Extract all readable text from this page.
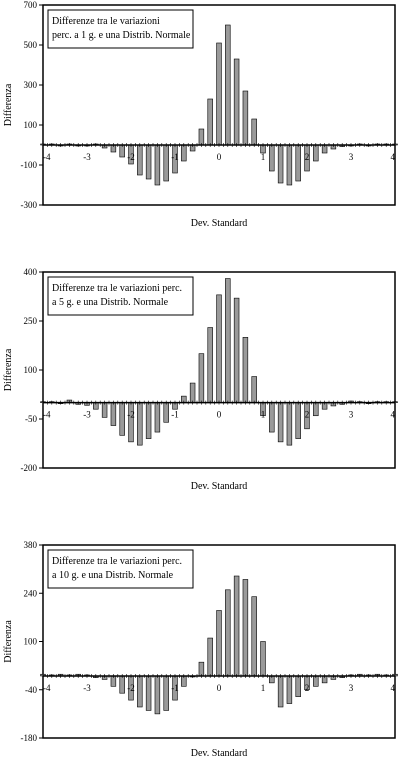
-300
-100
100
300
500
700
-4	-3	-2	-1	0	1	2	3	4
Differenze tra le variazioni
perc. a 1 g. e una Distrib. Normale
Dev. Standard
Differenza
-200
-50
100
250
400
-4	-3	-2	-1	0	1	2	3	4
Differenze tra le variazioni perc.
a 5 g. e una Distrib. Normale
Dev. Standard
Differenza
-180
-40
100
240
380
-4	-3	-2	-1	0	1	2	3	4
Differenze tra le variazioni perc.
a 10 g. e una Distrib. Normale
Dev. Standard
Differenza
